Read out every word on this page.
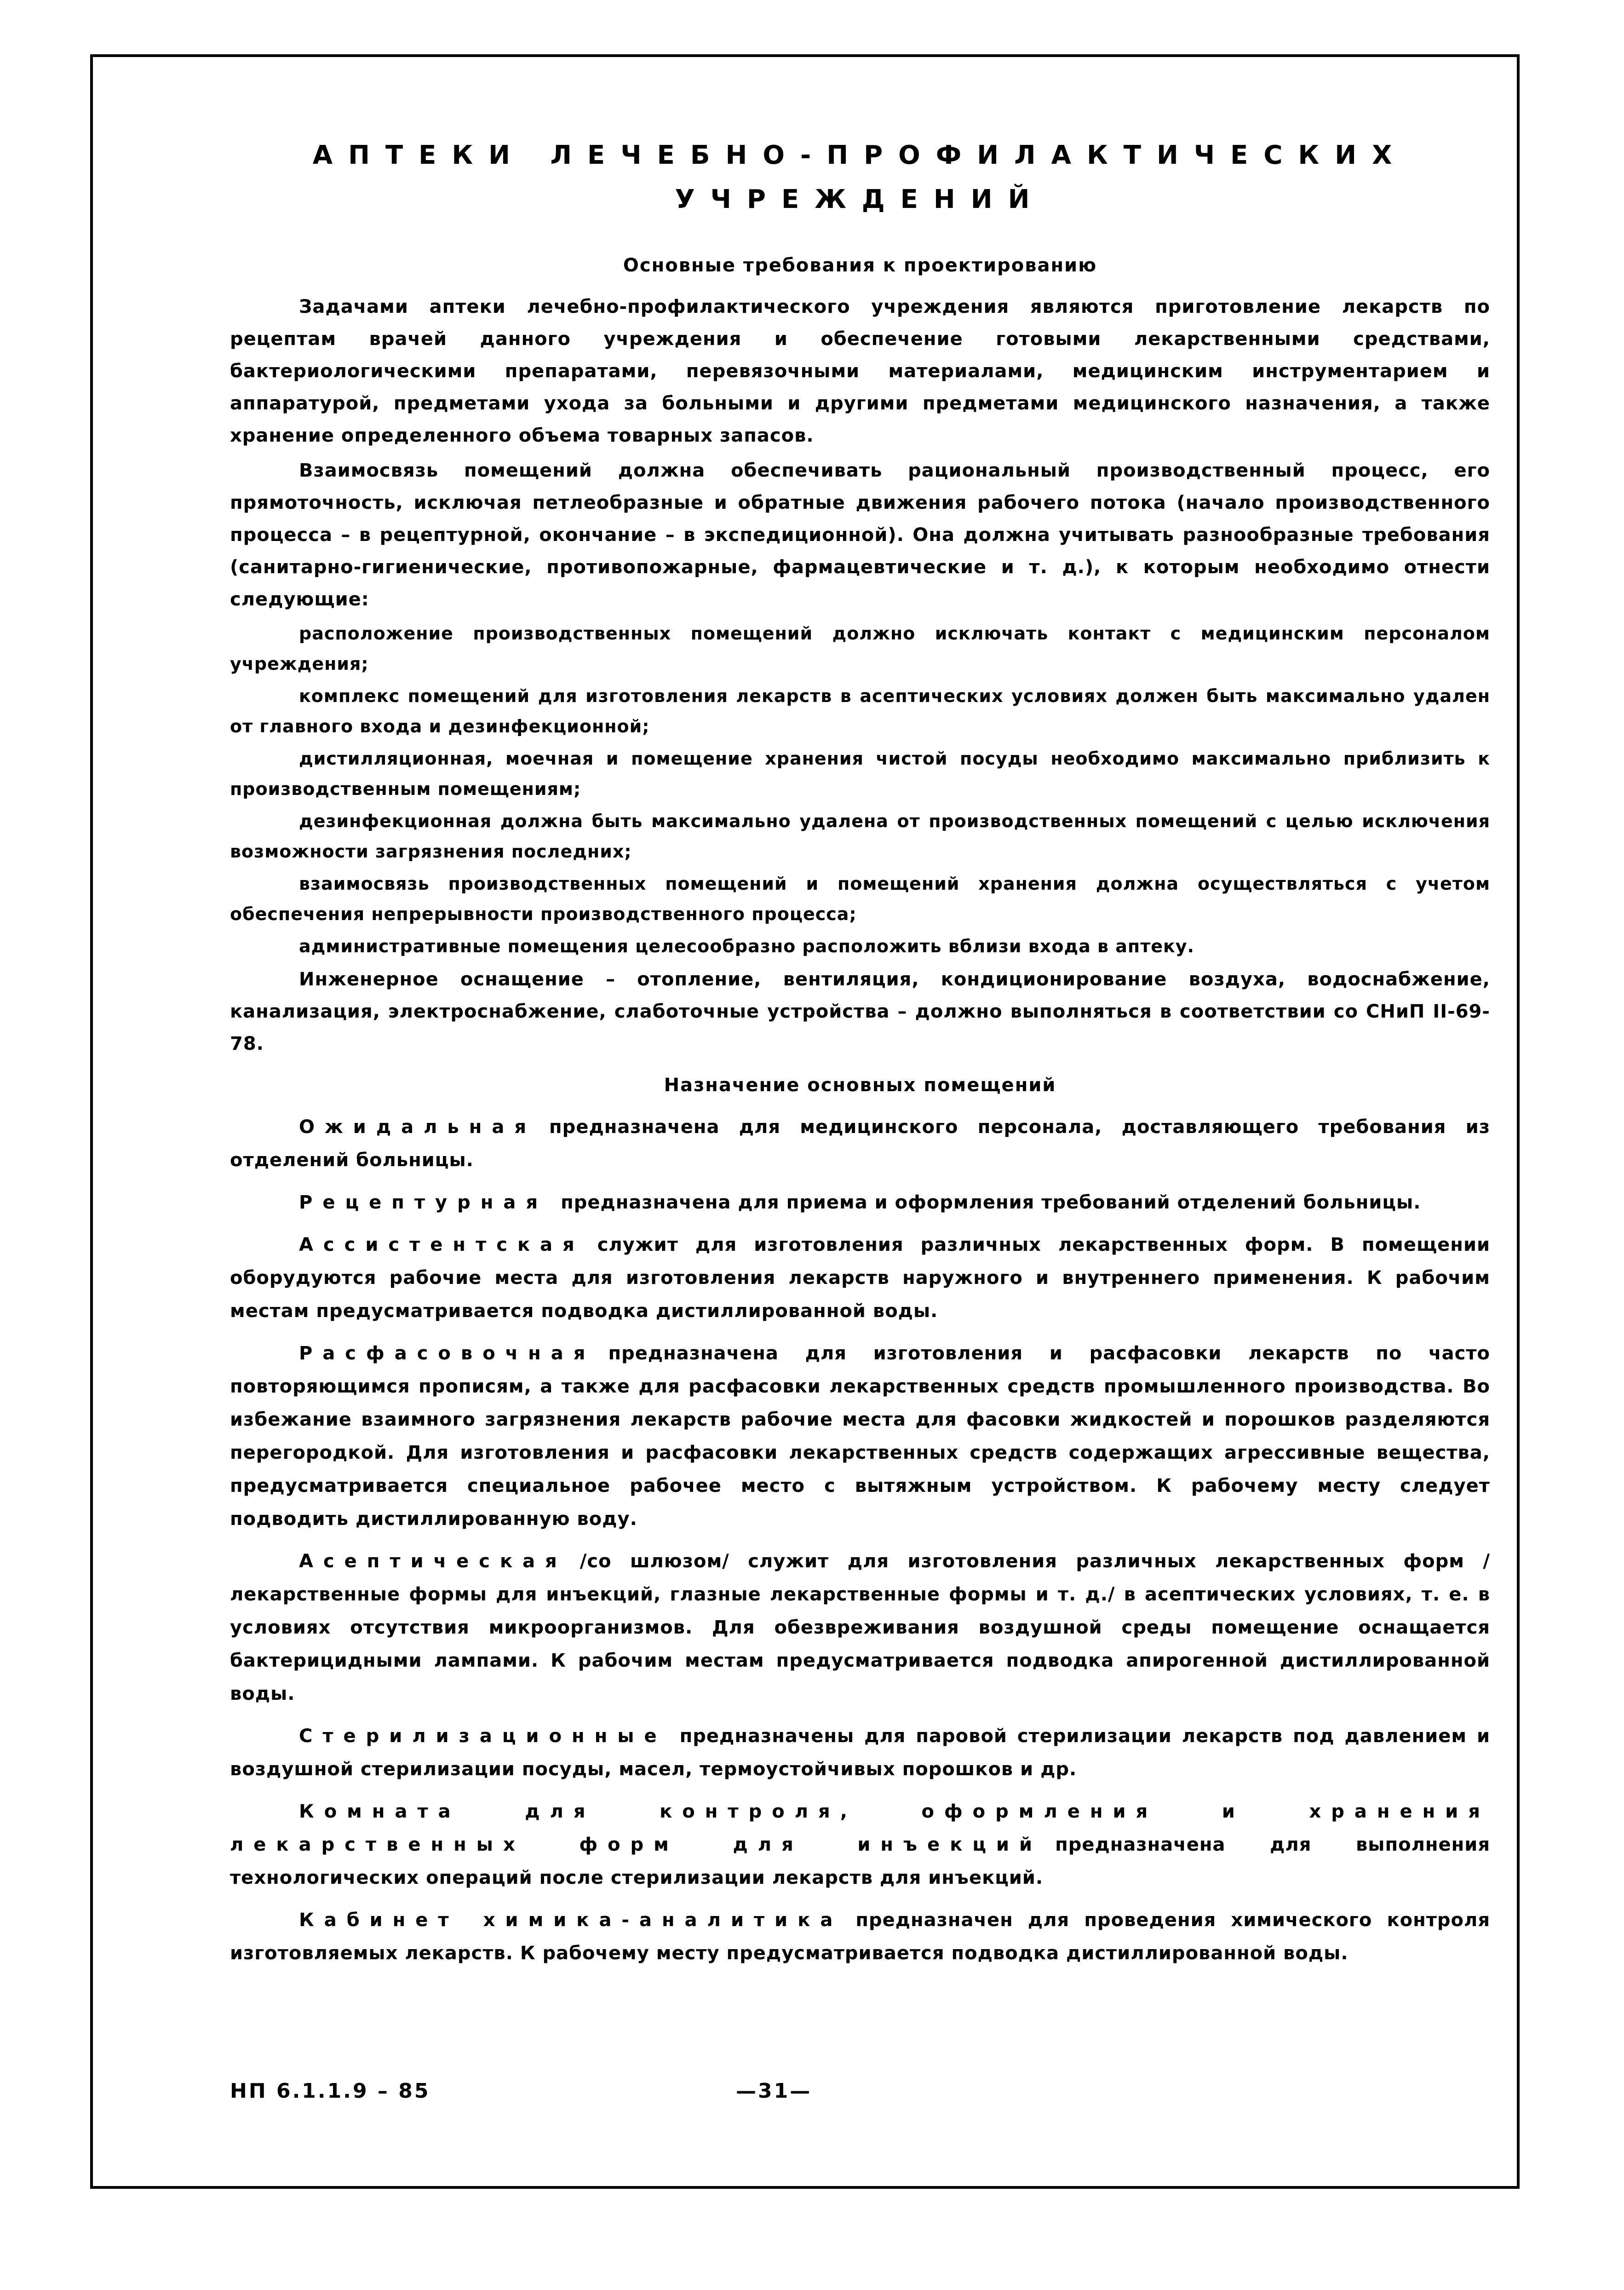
АПТЕКИ ЛЕЧЕБНО-ПРОФИЛАКТИЧЕСКИХ
УЧРЕЖДЕНИЙ
Основные требования к проектированию

Задачами аптеки лечебно-профилактического учреждения являются приготовление лекарств по рецептам врачей данного учреждения и обеспечение готовыми лекарственными средствами, бактериологическими препаратами, перевязочными материалами, медицинским инструментарием и аппаратурой, предметами ухода за больными и другими предметами медицинского назначения, а также хранение определенного объема товарных запасов.

Взаимосвязь помещений должна обеспечивать рациональный производственный процесс, его прямоточность, исключая петлеобразные и обратные движения рабочего потока (начало производственного процесса – в рецептурной, окончание – в экспедиционной). Она должна учитывать разнообразные требования (санитарно-гигиенические, противопожарные, фармацевтические и т. д.), к которым необходимо отнести следующие:

расположение производственных помещений должно исключать контакт с медицинским персоналом учреждения;

комплекс помещений для изготовления лекарств в асептических условиях должен быть максимально удален от главного входа и дезинфекционной;

дистилляционная, моечная и помещение хранения чистой посуды необходимо максимально приблизить к производственным помещениям;

дезинфекционная должна быть максимально удалена от производственных помещений с целью исключения возможности загрязнения последних;

взаимосвязь производственных помещений и помещений хранения должна осуществляться с учетом обеспечения непрерывности производственного процесса;

административные помещения целесообразно расположить вблизи входа в аптеку.

Инженерное оснащение – отопление, вентиляция, кондиционирование воздуха, водоснабжение, канализация, электроснабжение, слаботочные устройства – должно выполняться в соответствии со СНиП II-69-78.

Назначение основных помещений

Ожидальная предназначена для медицинского персонала, доставляющего требования из отделений больницы.

Рецептурная предназначена для приема и оформления требований отделений больницы.

Ассистентская служит для изготовления различных лекарственных форм. В помещении оборудуются рабочие места для изготовления лекарств наружного и внутреннего применения. К рабочим местам предусматривается подводка дистиллированной воды.

Расфасовочная предназначена для изготовления и расфасовки лекарств по часто повторяющимся прописям, а также для расфасовки лекарственных средств промышленного производства. Во избежание взаимного загрязнения лекарств рабочие места для фасовки жидкостей и порошков разделяются перегородкой. Для изготовления и расфасовки лекарственных средств содержащих агрессивные вещества, предусматривается специальное рабочее место с вытяжным устройством. К рабочему месту следует подводить дистиллированную воду.

Асептическая /со шлюзом/ служит для изготовления различных лекарственных форм /лекарственные формы для инъекций, глазные лекарственные формы и т. д./ в асептических условиях, т. е. в условиях отсутствия микроорганизмов. Для обезвреживания воздушной среды помещение оснащается бактерицидными лампами. К рабочим местам предусматривается подводка апирогенной дистиллированной воды.

Стерилизационные предназначены для паровой стерилизации лекарств под давлением и воздушной стерилизации посуды, масел, термоустойчивых порошков и др.

Комната для контроля, оформления и хранения лекарственных форм для инъекций предназначена для выполнения технологических операций после стерилизации лекарств для инъекций.

Кабинет химика-аналитика предназначен для проведения химического контроля изготовляемых лекарств. К рабочему месту предусматривается подводка дистиллированной воды.

НП 6.1.1.9 – 85	—31—
